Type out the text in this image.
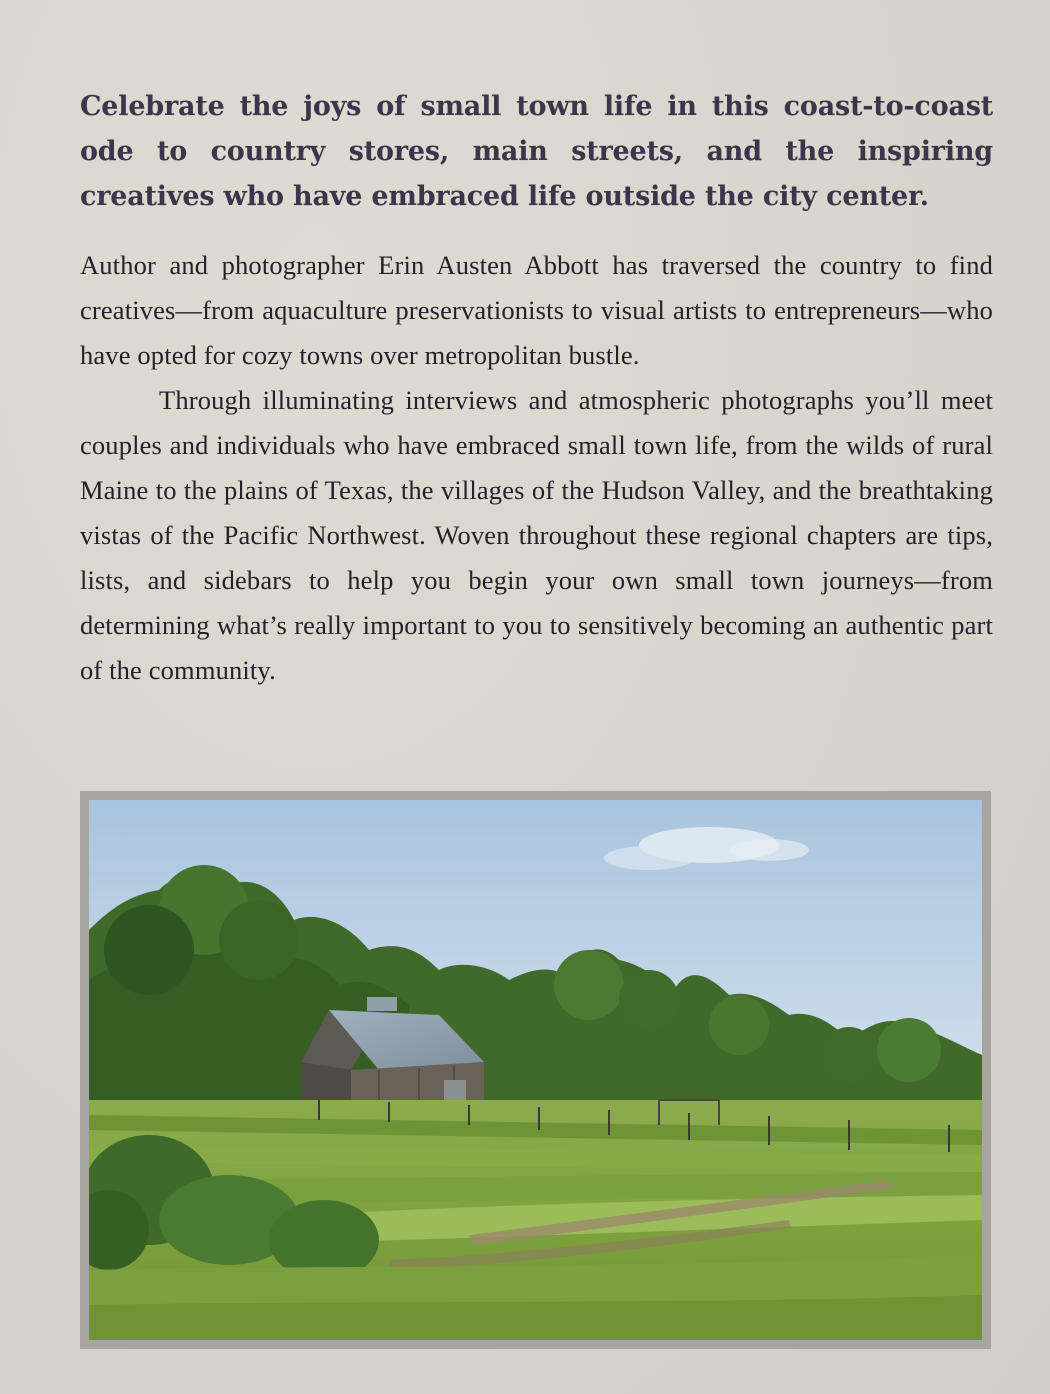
Celebrate the joys of small town life in this coast-to-coast ode to country stores, main streets, and the inspiring creatives who have embraced life outside the city center.

Author and photographer Erin Austen Abbott has traversed the country to find creatives—from aquaculture preservationists to visual artists to entrepreneurs—who have opted for cozy towns over metropolitan bustle.

Through illuminating interviews and atmospheric photographs you’ll meet couples and individuals who have embraced small town life, from the wilds of rural Maine to the plains of Texas, the villages of the Hudson Valley, and the breathtaking vistas of the Pacific Northwest. Woven throughout these regional chapters are tips, lists, and sidebars to help you begin your own small town journeys—from determining what’s really important to you to sensitively becoming an authentic part of the community.
